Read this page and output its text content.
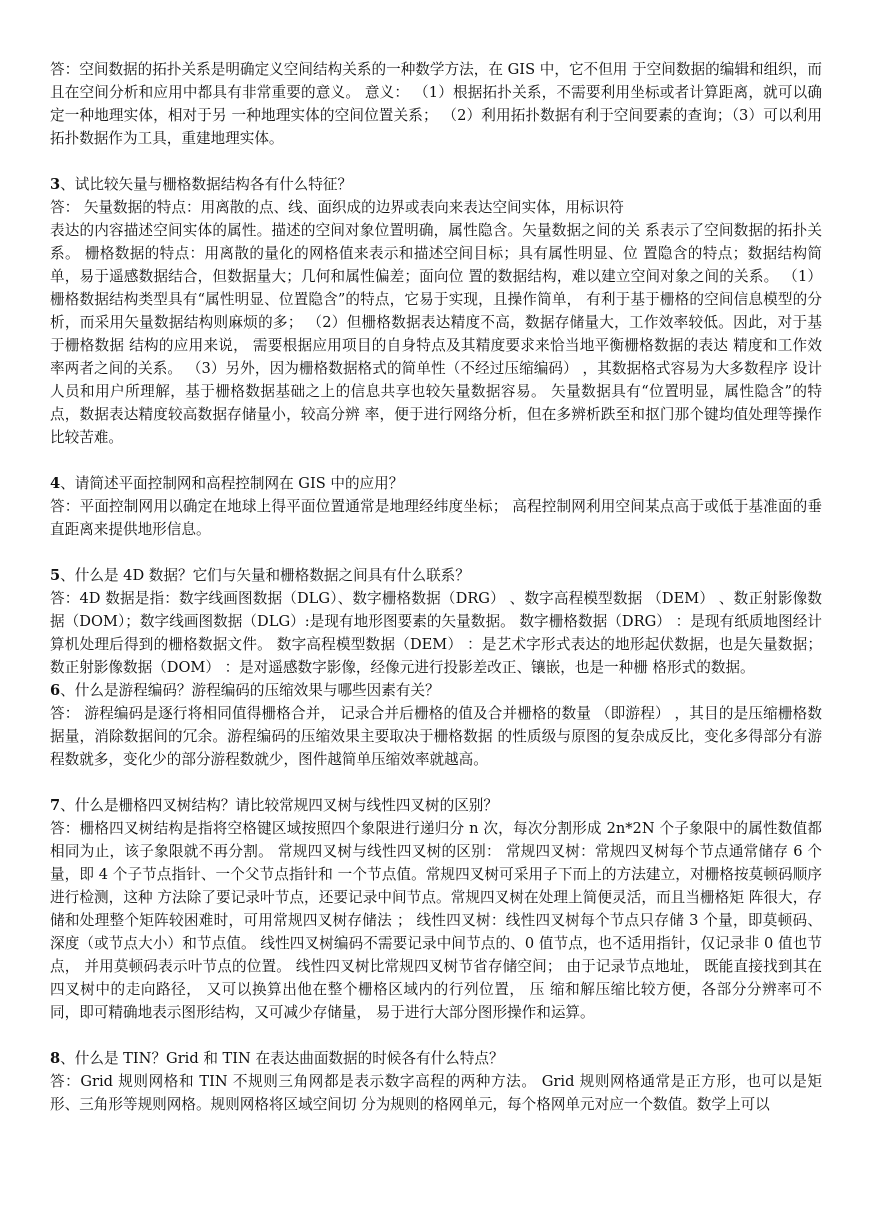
答：空间数据的拓扑关系是明确定义空间结构关系的一种数学方法，在 GIS 中，它不但用 于空间数据的编辑和组织，而且在空间分析和应用中都具有非常重要的意义。 意义： （1）根据拓扑关系，不需要利用坐标或者计算距离，就可以确定一种地理实体，相对于另 一种地理实体的空间位置关系； （2）利用拓扑数据有利于空间要素的查询；（3）可以利用拓扑数据作为工具，重建地理实体。

3、试比较矢量与栅格数据结构各有什么特征？

答： 矢量数据的特点：用离散的点、线、面织成的边界或表向来表达空间实体，用标识符

表达的内容描述空间实体的属性。描述的空间对象位置明确，属性隐含。矢量数据之间的关 系表示了空间数据的拓扑关系。 栅格数据的特点：用离散的量化的网格值来表示和描述空间目标；具有属性明显、位 置隐含的特点；数据结构简单，易于遥感数据结合，但数据量大；几何和属性偏差；面向位 置的数据结构，难以建立空间对象之间的关系。 （1）栅格数据结构类型具有“属性明显、位置隐含”的特点，它易于实现，且操作简单， 有利于基于栅格的空间信息模型的分析，而采用矢量数据结构则麻烦的多； （2）但栅格数据表达精度不高，数据存储量大，工作效率较低。因此，对于基于栅格数据 结构的应用来说， 需要根据应用项目的自身特点及其精度要求来恰当地平衡栅格数据的表达 精度和工作效率两者之间的关系。 （3）另外，因为栅格数据格式的简单性（不经过压缩编码） ，其数据格式容易为大多数程序 设计人员和用户所理解，基于栅格数据基础之上的信息共享也较矢量数据容易。 矢量数据具有“位置明显，属性隐含”的特点，数据表达精度较高数据存储量小，较高分辨 率，便于进行网络分析，但在多辨析跌至和抠门那个键均值处理等操作比较苦难。

4、请简述平面控制网和高程控制网在 GIS 中的应用？

答：平面控制网用以确定在地球上得平面位置通常是地理经纬度坐标； 高程控制网利用空间某点高于或低于基准面的垂直距离来提供地形信息。

5、什么是 4D 数据？它们与矢量和栅格数据之间具有什么联系？

答：4D 数据是指：数字线画图数据（DLG）、数字栅格数据（DRG） 、数字高程模型数据 （DEM） 、数正射影像数据（DOM）；数字线画图数据（DLG）:是现有地形图要素的矢量数据。 数字栅格数据（DRG） ：是现有纸质地图经计算机处理后得到的栅格数据文件。 数字高程模型数据（DEM） ：是艺术字形式表达的地形起伏数据，也是矢量数据； 数正射影像数据（DOM） ：是对遥感数字影像，经像元进行投影差改正、镶嵌，也是一种栅 格形式的数据。

6、什么是游程编码？游程编码的压缩效果与哪些因素有关？

答： 游程编码是逐行将相同值得栅格合并， 记录合并后栅格的值及合并栅格的数量 （即游程） ，其目的是压缩栅格数据量，消除数据间的冗余。游程编码的压缩效果主要取决于栅格数据 的性质级与原图的复杂成反比，变化多得部分有游程数就多，变化少的部分游程数就少，图件越简单压缩效率就越高。

7、什么是栅格四叉树结构？请比较常规四叉树与线性四叉树的区别？

答：栅格四叉树结构是指将空格键区域按照四个象限进行递归分 n 次，每次分割形成 2n*2N 个子象限中的属性数值都相同为止，该子象限就不再分割。 常规四叉树与线性四叉树的区别： 常规四叉树：常规四叉树每个节点通常储存 6 个量，即 4 个子节点指针、一个父节点指针和 一个节点值。常规四叉树可采用子下而上的方法建立，对栅格按莫顿码顺序进行检测，这种 方法除了要记录叶节点，还要记录中间节点。常规四叉树在处理上简便灵活，而且当栅格矩 阵很大，存储和处理整个矩阵较困难时，可用常规四叉树存储法 ； 线性四叉树：线性四叉树每个节点只存储 3 个量，即莫顿码、深度（或节点大小）和节点值。 线性四叉树编码不需要记录中间节点的、0 值节点，也不适用指针，仅记录非 0 值也节点， 并用莫顿码表示叶节点的位置。 线性四叉树比常规四叉树节省存储空间； 由于记录节点地址， 既能直接找到其在四叉树中的走向路径， 又可以换算出他在整个栅格区域内的行列位置， 压 缩和解压缩比较方便，各部分分辨率可不同，即可精确地表示图形结构，又可减少存储量， 易于进行大部分图形操作和运算。

8、什么是 TIN？Grid 和 TIN 在表达曲面数据的时候各有什么特点？

答：Grid 规则网格和 TIN 不规则三角网都是表示数字高程的两种方法。 Grid 规则网格通常是正方形，也可以是矩形、三角形等规则网格。规则网格将区域空间切 分为规则的格网单元，每个格网单元对应一个数值。数学上可以
